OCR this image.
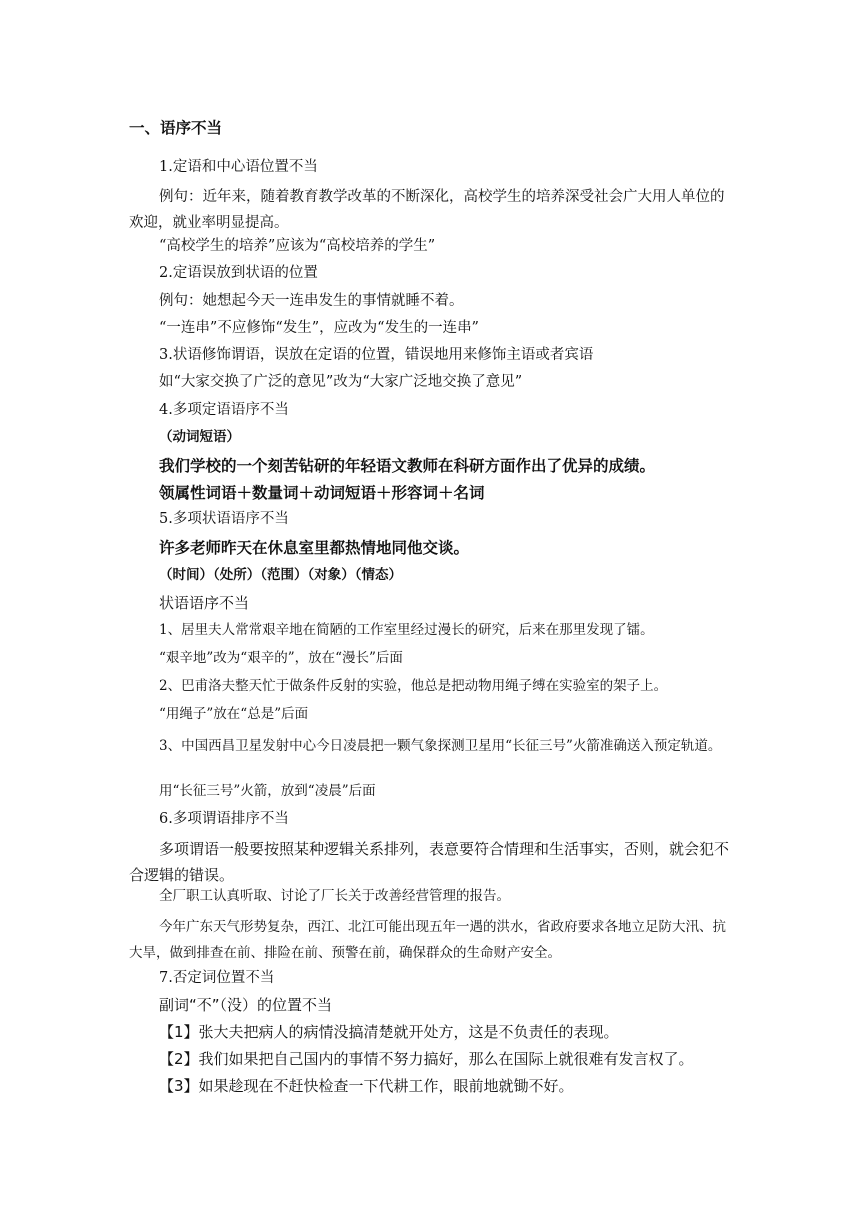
一、语序不当
1.定语和中心语位置不当
例句：近年来，随着教育教学改革的不断深化，高校学生的培养深受社会广大用人单位的欢迎，就业率明显提高。
“高校学生的培养”应该为“高校培养的学生”
2.定语误放到状语的位置
例句：她想起今天一连串发生的事情就睡不着。
“一连串”不应修饰“发生”，应改为“发生的一连串”
3.状语修饰谓语，误放在定语的位置，错误地用来修饰主语或者宾语
如“大家交换了广泛的意见”改为“大家广泛地交换了意见”
4.多项定语语序不当
（动词短语）
我们学校的一个刻苦钻研的年轻语文教师在科研方面作出了优异的成绩。
领属性词语＋数量词＋动词短语＋形容词＋名词
5.多项状语语序不当
许多老师昨天在休息室里都热情地同他交谈。
（时间）（处所）（范围）（对象）（情态）
状语语序不当
1、居里夫人常常艰辛地在简陋的工作室里经过漫长的研究，后来在那里发现了镭。
“艰辛地”改为“艰辛的”，放在“漫长”后面
2、巴甫洛夫整天忙于做条件反射的实验，他总是把动物用绳子缚在实验室的架子上。
“用绳子”放在“总是”后面
3、中国西昌卫星发射中心今日凌晨把一颗气象探测卫星用“长征三号”火箭准确送入预定轨道。
用“长征三号”火箭，放到“凌晨”后面
6.多项谓语排序不当
多项谓语一般要按照某种逻辑关系排列，表意要符合情理和生活事实，否则，就会犯不合逻辑的错误。
全厂职工认真听取、讨论了厂长关于改善经营管理的报告。
今年广东天气形势复杂，西江、北江可能出现五年一遇的洪水，省政府要求各地立足防大汛、抗大旱，做到排查在前、排险在前、预警在前，确保群众的生命财产安全。
7.否定词位置不当
副词“不”（没）的位置不当
【1】张大夫把病人的病情没搞清楚就开处方，这是不负责任的表现。
【2】我们如果把自己国内的事情不努力搞好，那么在国际上就很难有发言权了。
【3】如果趁现在不赶快检查一下代耕工作，眼前地就锄不好。
